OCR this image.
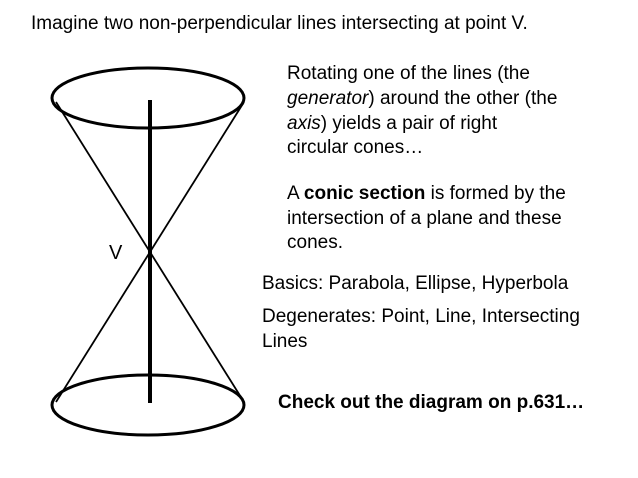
V

Imagine two non-perpendicular lines intersecting at point V.

Rotating one of the lines (the

generator) around the other (the

axis) yields a pair of right

circular cones…

A conic section is formed by the

intersection of a plane and these

cones.

Basics: Parabola, Ellipse, Hyperbola

Degenerates: Point, Line, Intersecting

Lines

Check out the diagram on p.631…
